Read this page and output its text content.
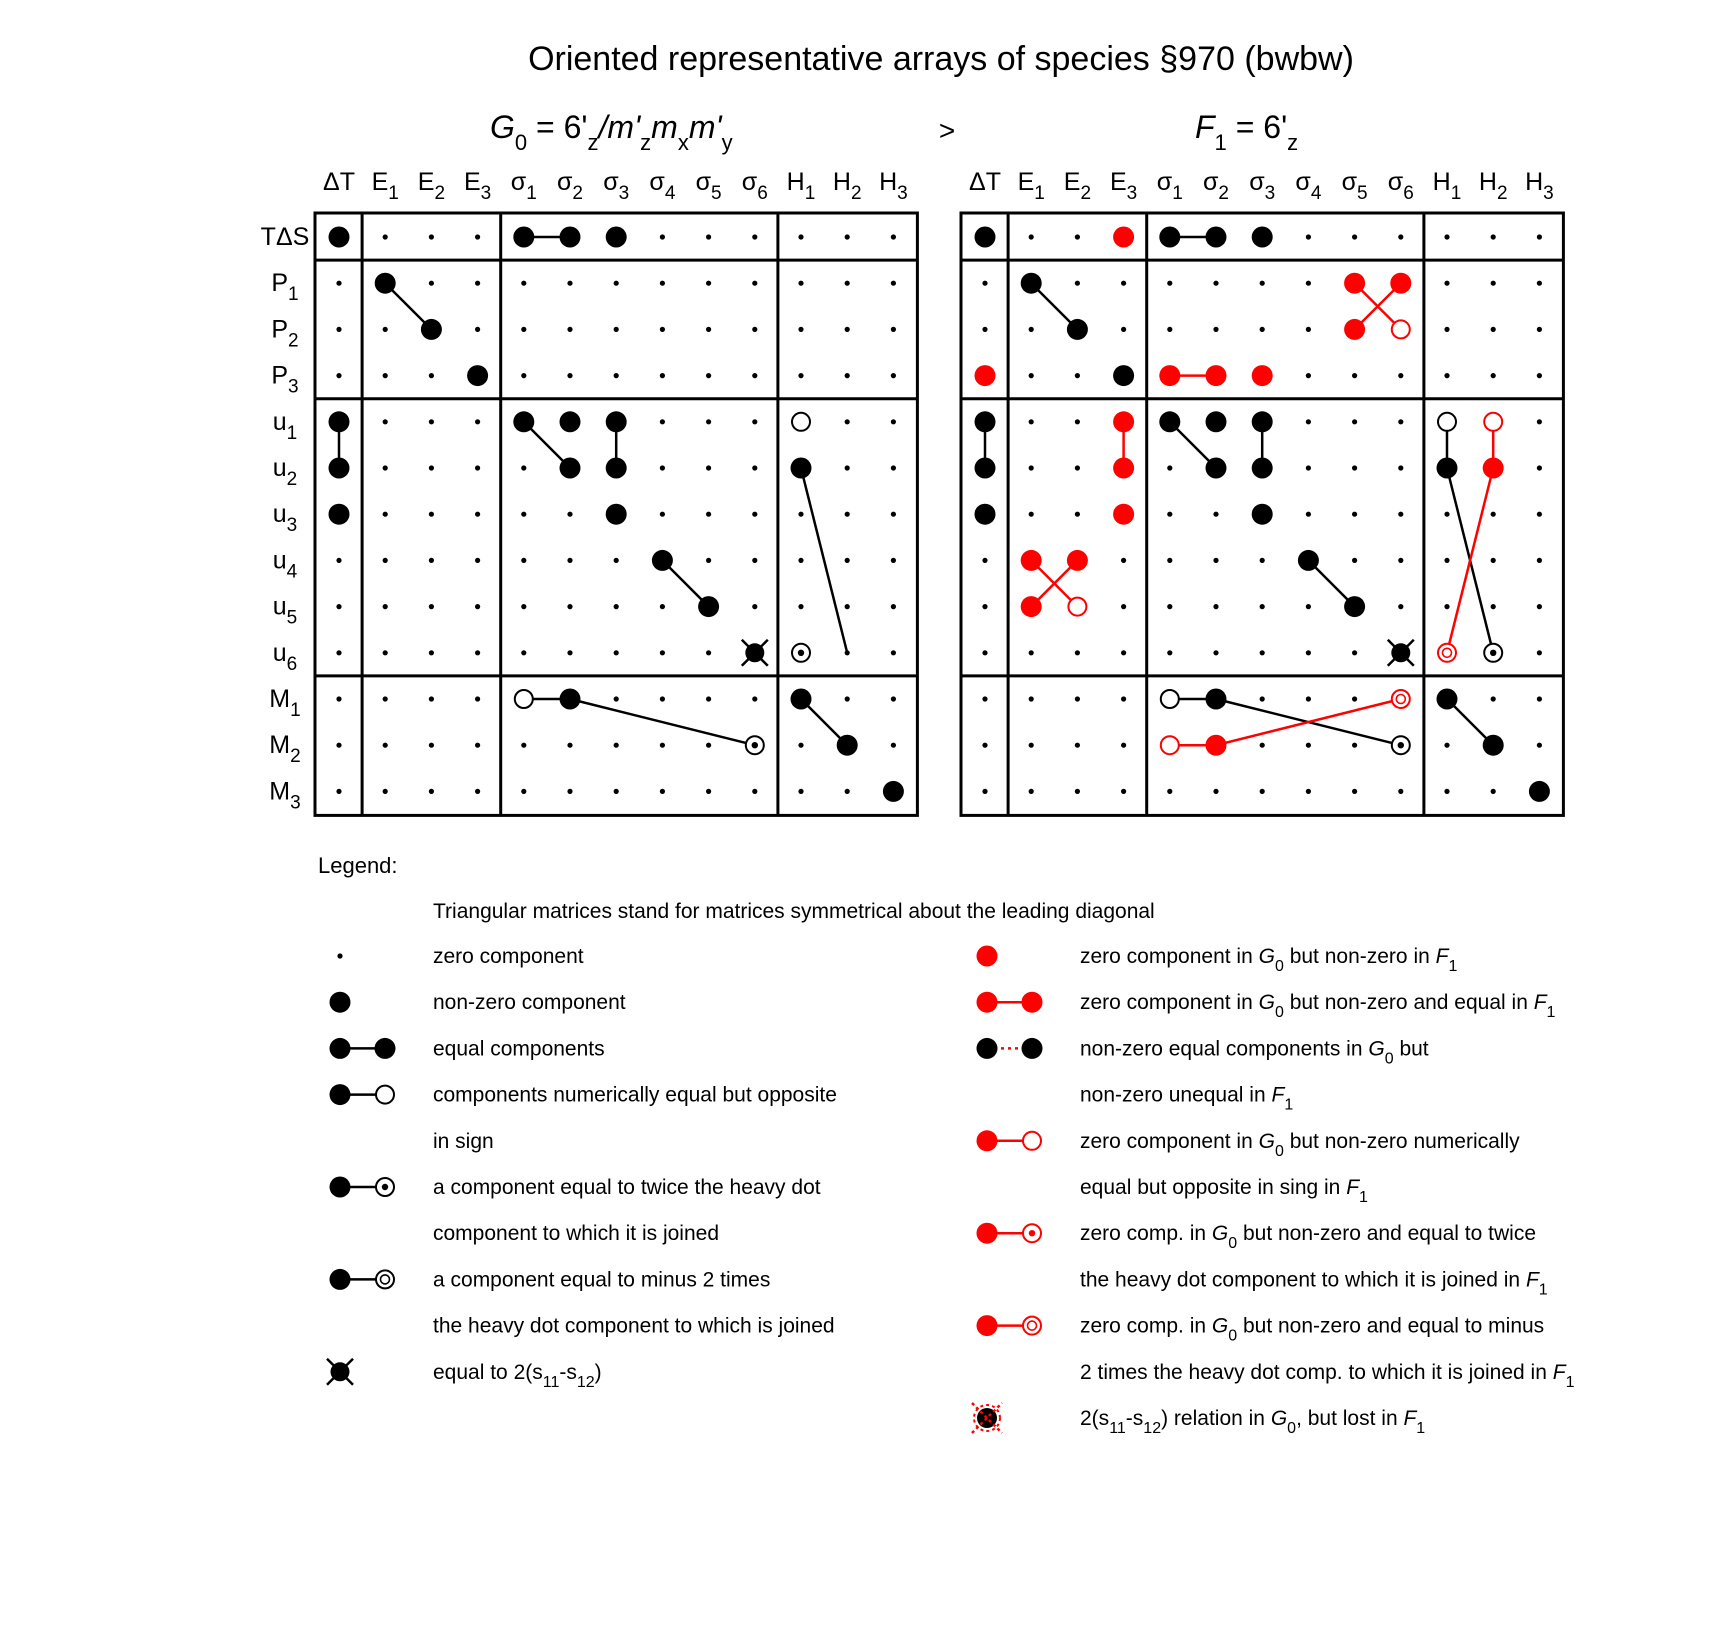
Oriented representative arrays of species §970 (bwbw)
>
$G_0 = 6'_z/m'_zm_xm'_y$	$F_1 = 6'_z$
ΔT $E_1$ $E_2$ $E_3$ $\sigma_1$ $\sigma_2$ $\sigma_3$ $\sigma_4$ $\sigma_5$ $\sigma_6$ $H_1$ $H_2$ $H_3$
TΔS
$P_1$
$P_2$
$P_3$
$u_1$
$u_2$
$u_3$
$u_4$
$u_5$
$u_6$
$M_1$
$M_2$
$M_3$
ΔT $E_1$ $E_2$ $E_3$ $\sigma_1$ $\sigma_2$ $\sigma_3$ $\sigma_4$ $\sigma_5$ $\sigma_6$ $H_1$ $H_2$ $H_3$
Legend:
Triangular matrices stand for matrices symmetrical about the leading diagonal
zero component
non-zero component
equal components
components numerically equal but opposite
in sign
a component equal to twice the heavy dot
component to which it is joined
a component equal to minus 2 times
the heavy dot component to which is joined
equal to $2(s_{11}-s_{12})$
zero component in $G_0$ but non-zero in $F_1$
zero component in $G_0$ but non-zero and equal in $F_1$
non-zero equal components in $G_0$ but
non-zero unequal in $F_1$
zero component in $G_0$ but non-zero numerically
equal but opposite in sing in $F_1$
zero comp. in $G_0$ but non-zero and equal to twice
the heavy dot component to which it is joined in $F_1$
zero comp. in $G_0$ but non-zero and equal to minus
2 times the heavy dot comp. to which it is joined in $F_1$
$2(s_{11}-s_{12})$ relation in $G_0$, but lost in $F_1$
